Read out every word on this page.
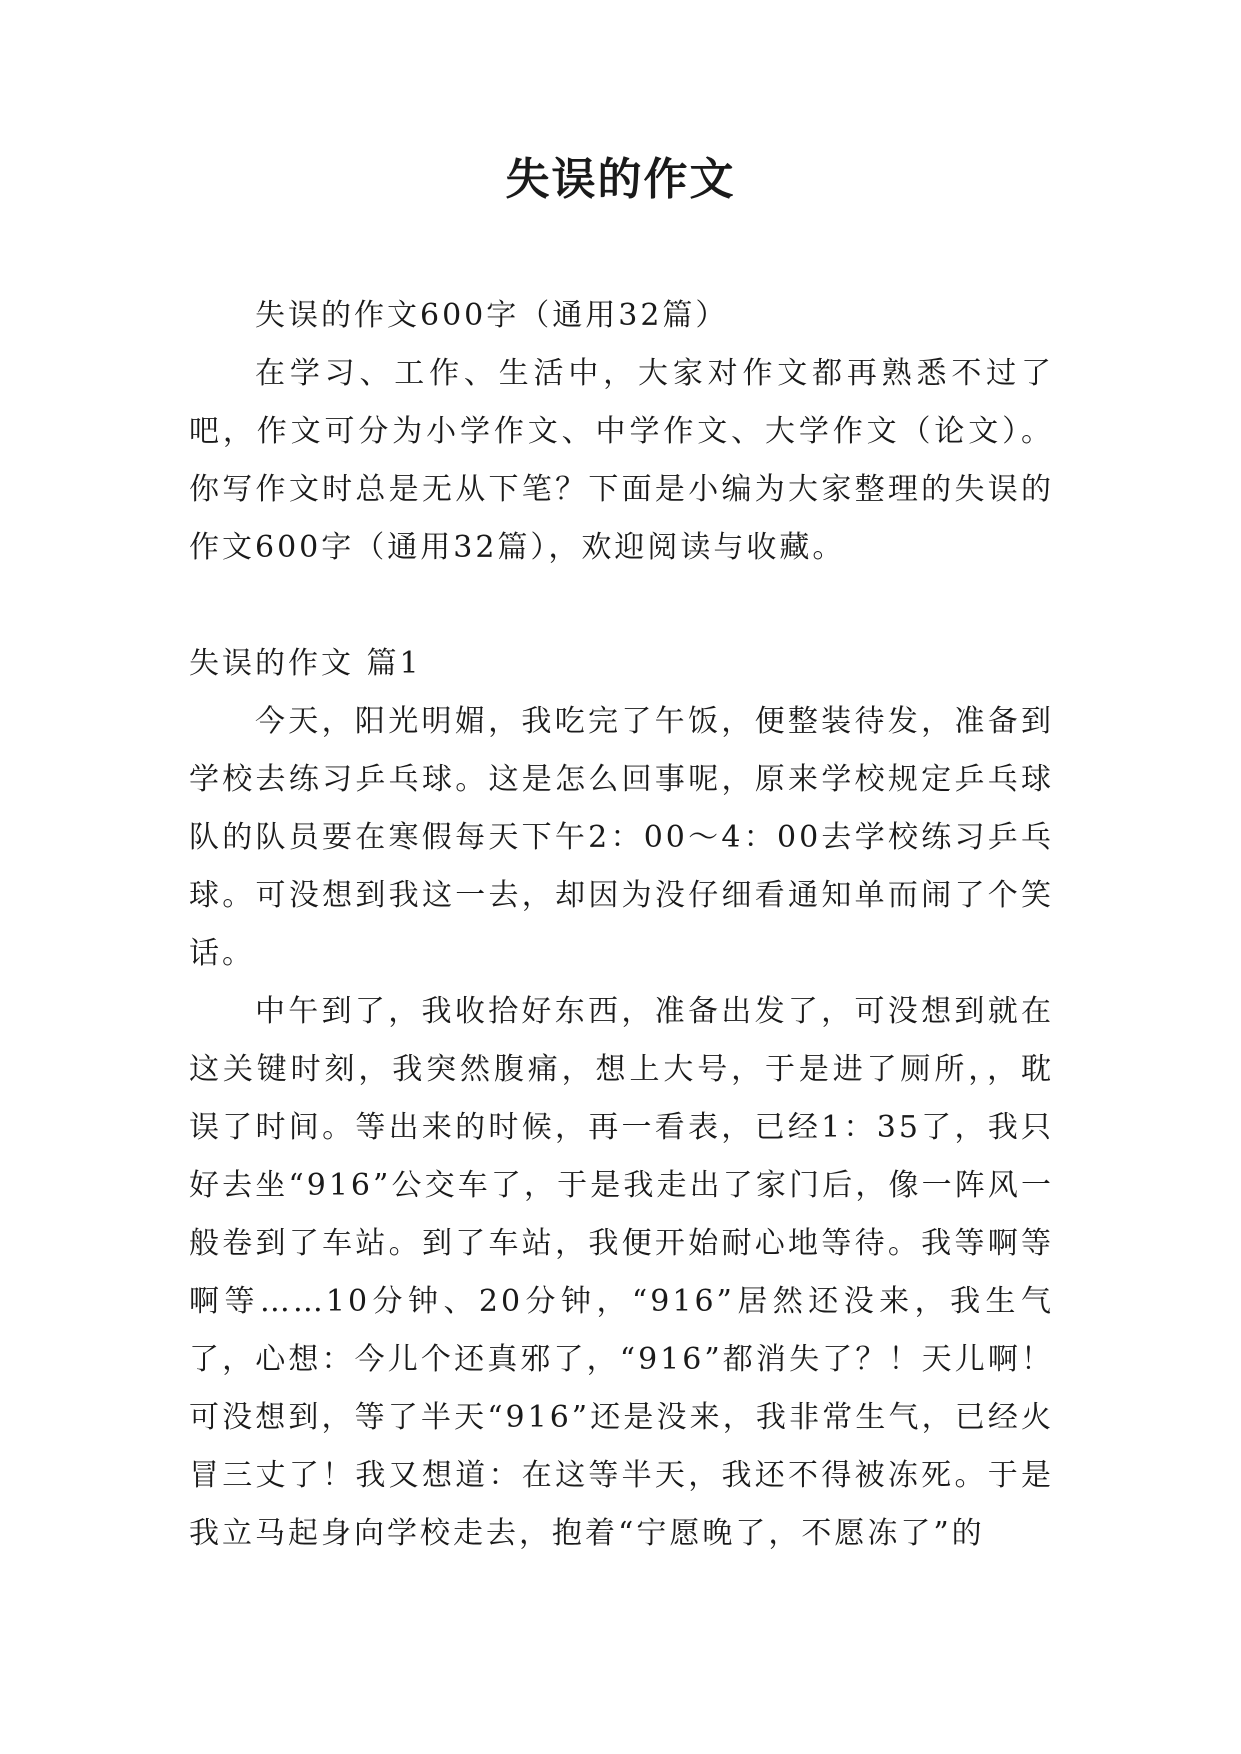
失误的作文

失误的作文600字（通用32篇）

在学习、工作、生活中，大家对作文都再熟悉不过了吧，作文可分为小学作文、中学作文、大学作文（论文）。你写作文时总是无从下笔？下面是小编为大家整理的失误的作文600字（通用32篇），欢迎阅读与收藏。

失误的作文 篇1

今天，阳光明媚，我吃完了午饭，便整装待发，准备到学校去练习乒乓球。这是怎么回事呢，原来学校规定乒乓球队的队员要在寒假每天下午2：00～4：00去学校练习乒乓球。可没想到我这一去，却因为没仔细看通知单而闹了个笑话。

中午到了，我收拾好东西，准备出发了，可没想到就在这关键时刻，我突然腹痛，想上大号，于是进了厕所，，耽误了时间。等出来的时候，再一看表，已经1：35了，我只好去坐“916”公交车了，于是我走出了家门后，像一阵风一般卷到了车站。到了车站，我便开始耐心地等待。我等啊等啊等……10分钟、20分钟，“916”居然还没来，我生气了，心想：今儿个还真邪了，“916”都消失了？！天儿啊！可没想到，等了半天“916”还是没来，我非常生气，已经火冒三丈了！我又想道：在这等半天，我还不得被冻死。于是我立马起身向学校走去，抱着“宁愿晚了，不愿冻了”的
